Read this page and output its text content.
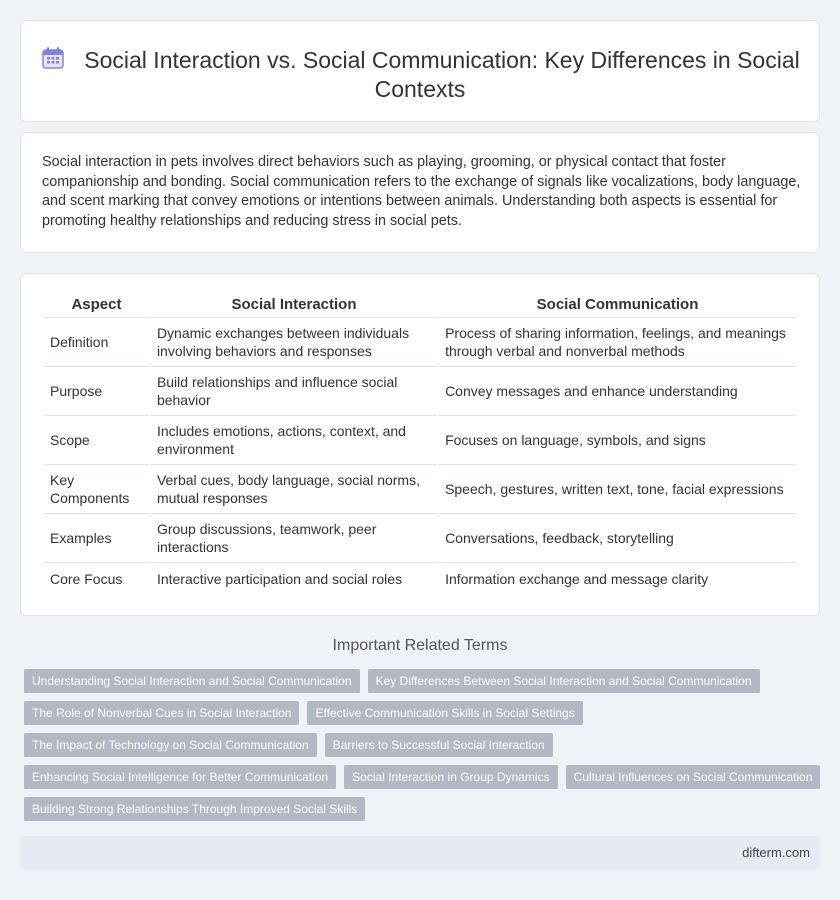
Social Interaction vs. Social Communication: Key Differences in Social Contexts

Social interaction in pets involves direct behaviors such as playing, grooming, or physical contact that foster companionship and bonding. Social communication refers to the exchange of signals like vocalizations, body language, and scent marking that convey emotions or intentions between animals. Understanding both aspects is essential for promoting healthy relationships and reducing stress in social pets.

Aspect	Social Interaction	Social Communication
Definition	Dynamic exchanges between individuals involving behaviors and responses	Process of sharing information, feelings, and meanings through verbal and nonverbal methods
Purpose	Build relationships and influence social behavior	Convey messages and enhance understanding
Scope	Includes emotions, actions, context, and environment	Focuses on language, symbols, and signs
Key Components	Verbal cues, body language, social norms, mutual responses	Speech, gestures, written text, tone, facial expressions
Examples	Group discussions, teamwork, peer interactions	Conversations, feedback, storytelling
Core Focus	Interactive participation and social roles	Information exchange and message clarity
Important Related Terms
Understanding Social Interaction and Social Communication	Key Differences Between Social Interaction and Social Communication
The Role of Nonverbal Cues in Social Interaction	Effective Communication Skills in Social Settings
The Impact of Technology on Social Communication	Barriers to Successful Social Interaction
Enhancing Social Intelligence for Better Communication	Social Interaction in Group Dynamics	Cultural Influences on Social Communication
Building Strong Relationships Through Improved Social Skills
difterm.com
